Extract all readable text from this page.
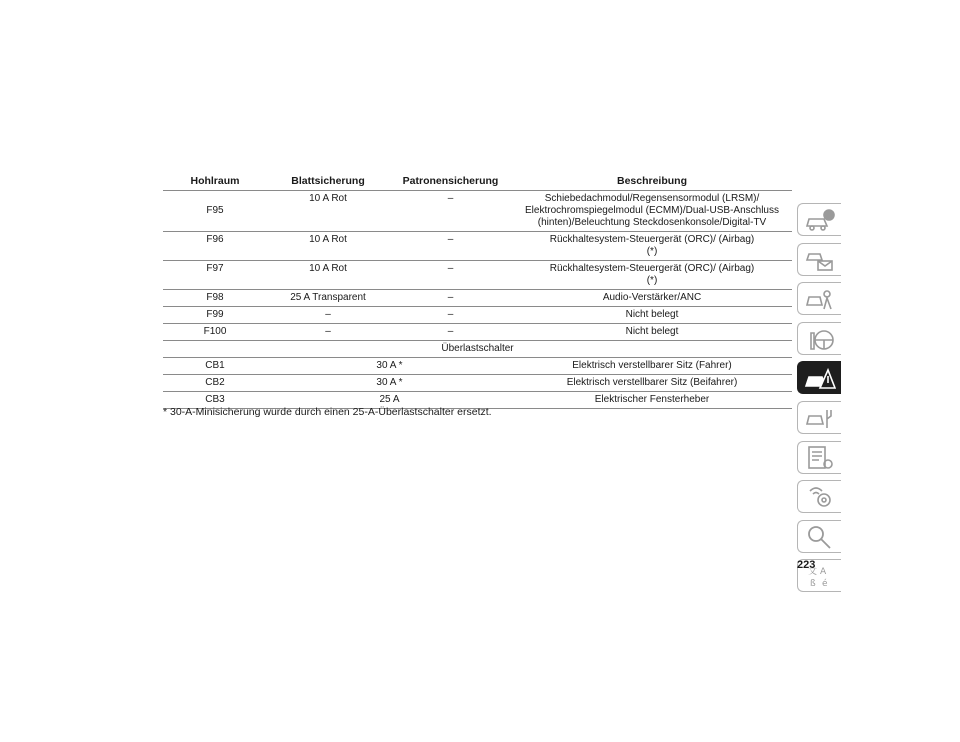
Hohlraum	Blattsicherung	Patronensicherung	Beschreibung
F95	10 A Rot	–	Schiebedachmodul/Regensensormodul (LRSM)/
Elektrochromspiegelmodul (ECMM)/Dual-USB-Anschluss
(hinten)/Beleuchtung Steckdosenkonsole/Digital-TV
F96	10 A Rot	–	Rückhaltesystem-Steuergerät (ORC)/ (Airbag)
(*)
F97	10 A Rot	–	Rückhaltesystem-Steuergerät (ORC)/ (Airbag)
(*)
F98	25 A Transparent	–	Audio-Verstärker/ANC
F99	–	–	Nicht belegt
F100	–	–	Nicht belegt
Überlastschalter			
CB1	30 A *		Elektrisch verstellbarer Sitz (Fahrer)
CB2	30 A *		Elektrisch verstellbarer Sitz (Beifahrer)
CB3	25 A		Elektrischer Fensterheber
* 30-A-Minisicherung wurde durch einen 25-A-Überlastschalter ersetzt.
文 A
ß é
223
